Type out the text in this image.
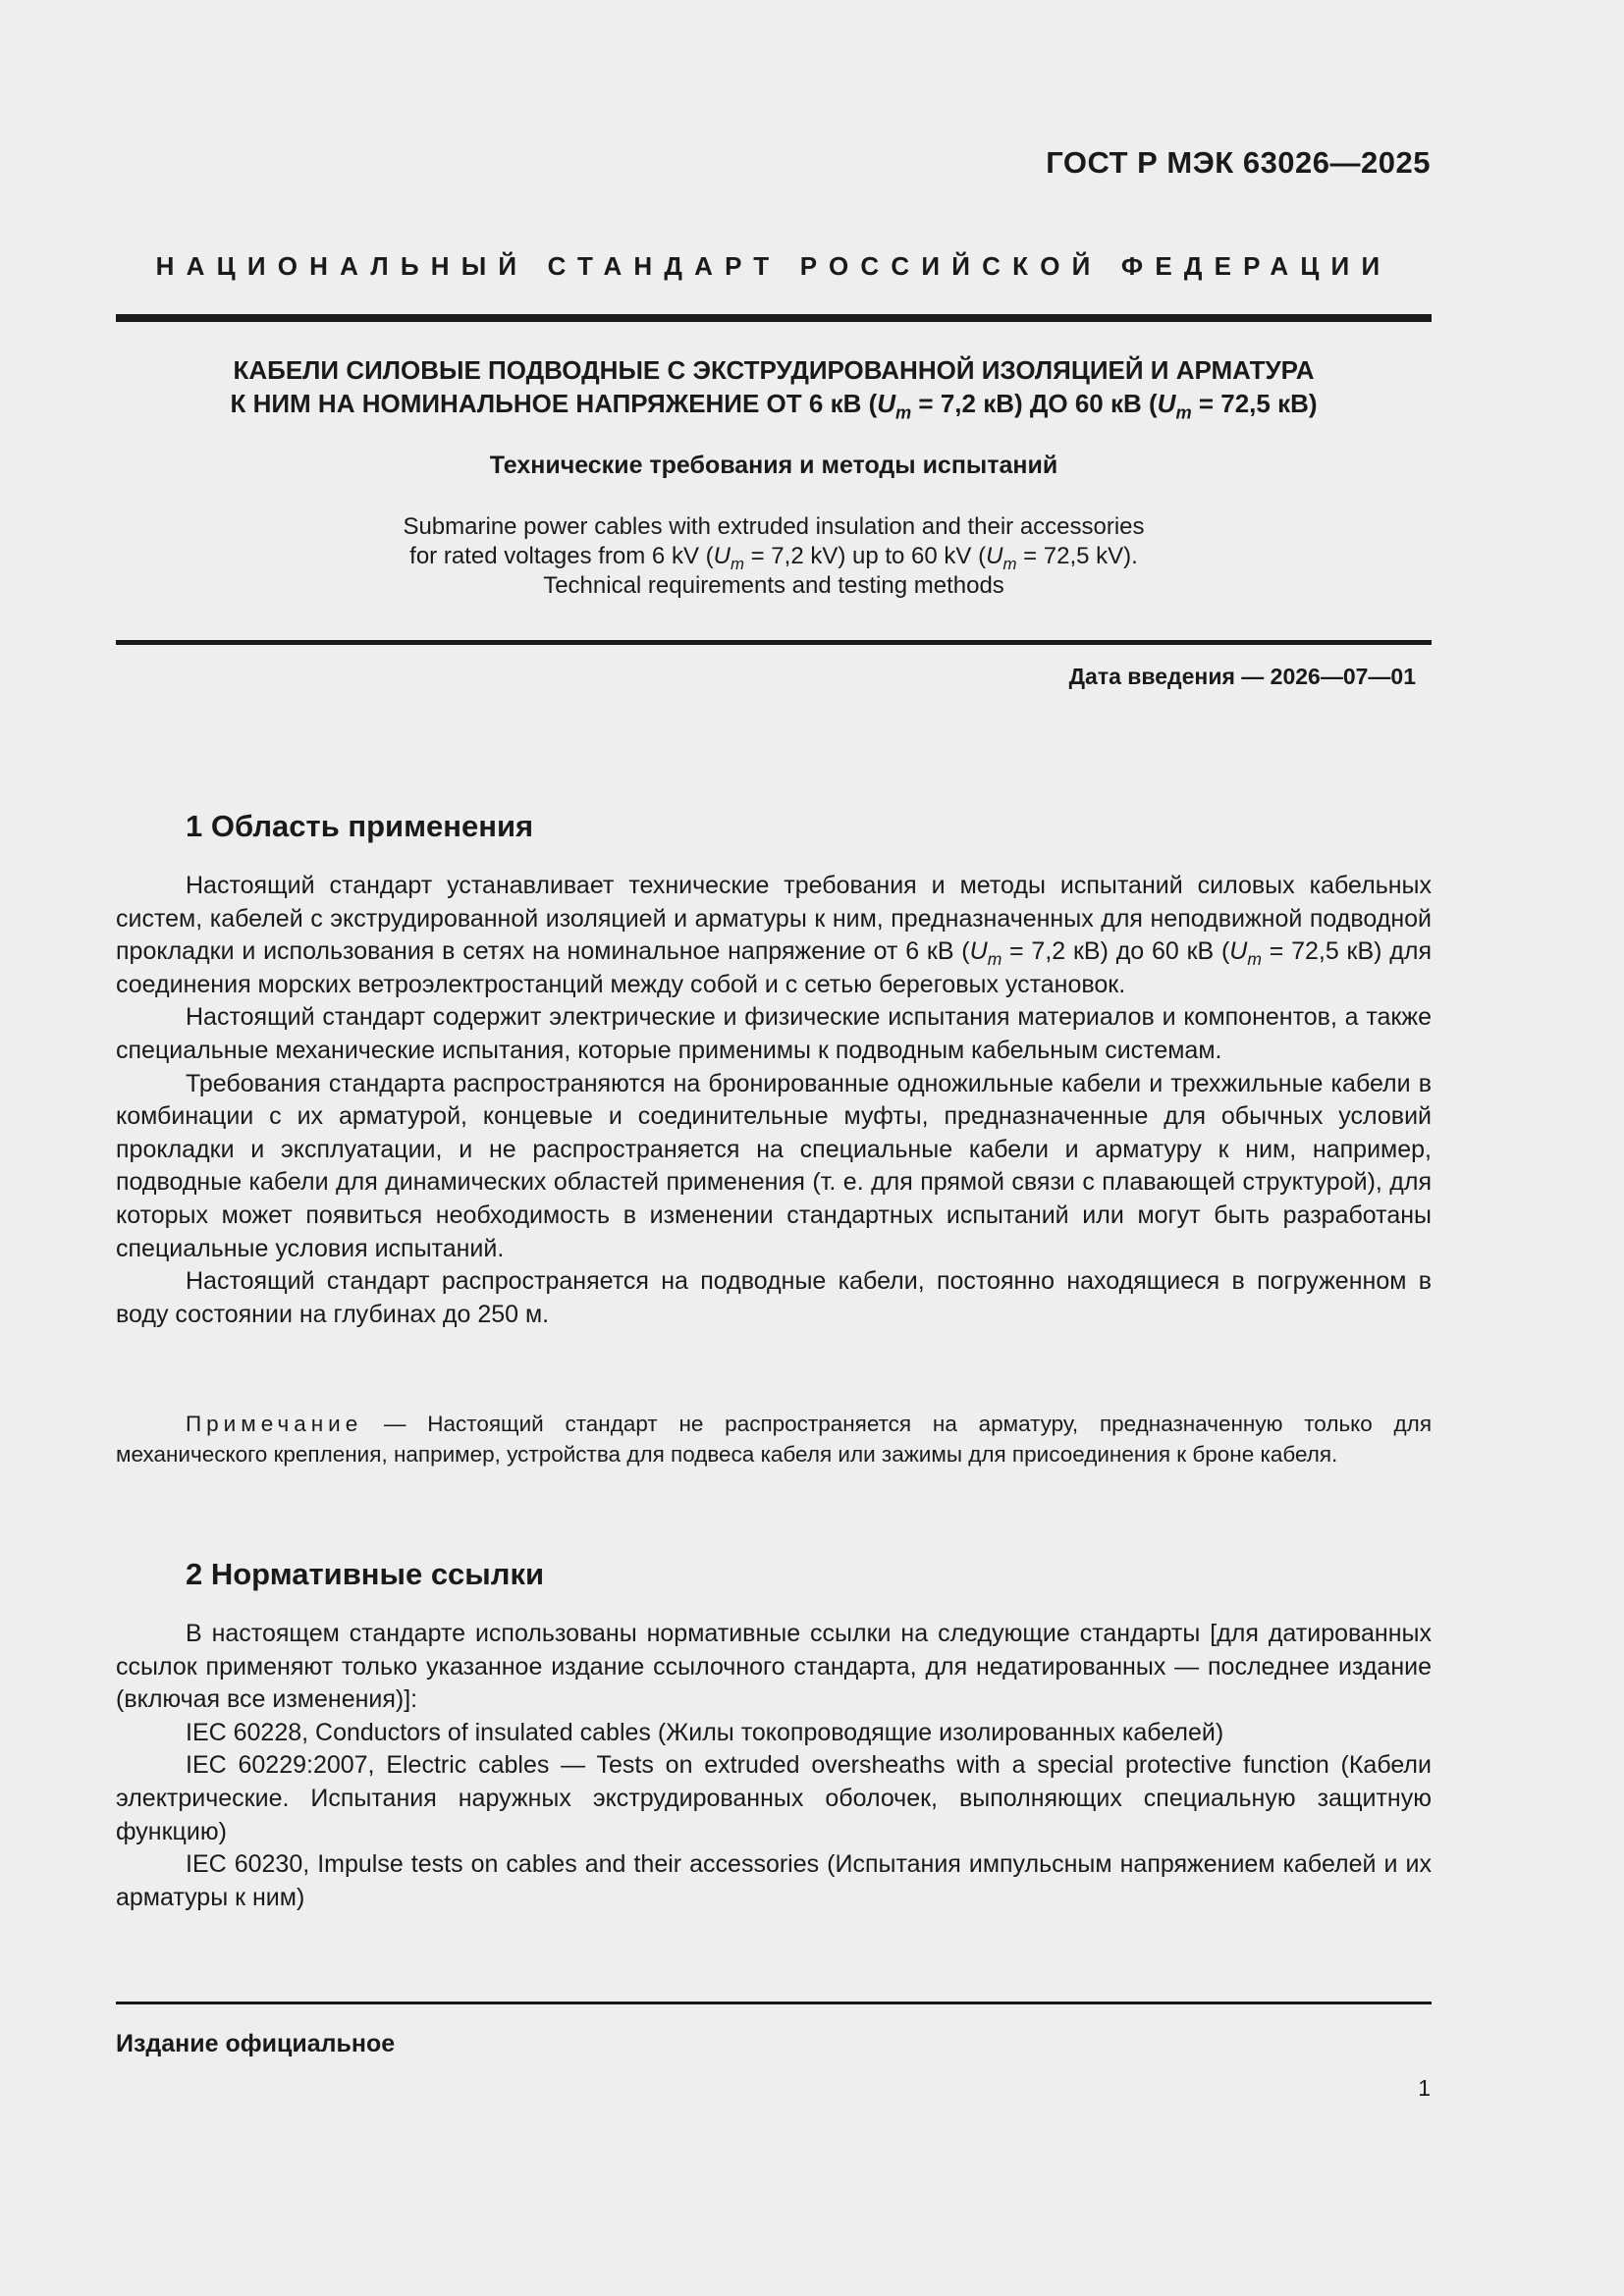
ГОСТ Р МЭК 63026—2025
НАЦИОНАЛЬНЫЙ СТАНДАРТ РОССИЙСКОЙ ФЕДЕРАЦИИ
КАБЕЛИ СИЛОВЫЕ ПОДВОДНЫЕ С ЭКСТРУДИРОВАННОЙ ИЗОЛЯЦИЕЙ И АРМАТУРА
К НИМ НА НОМИНАЛЬНОЕ НАПРЯЖЕНИЕ ОТ 6 кВ ($U_m = 7,2$ кВ) ДО 60 кВ ($U_m = 72,5$ кВ)
Технические требования и методы испытаний
Submarine power cables with extruded insulation and their accessories
for rated voltages from 6 kV ($U_m = 7,2$ kV) up to 60 kV ($U_m = 72,5$ kV).
Technical requirements and testing methods
Дата введения — 2026—07—01
1 Область применения

Настоящий стандарт устанавливает технические требования и методы испытаний силовых кабельных систем, кабелей с экструдированной изоляцией и арматуры к ним, предназначенных для неподвижной подводной прокладки и использования в сетях на номинальное напряжение от 6 кВ ($U_m = 7,2$ кВ) до 60 кВ ($U_m = 72,5$ кВ) для соединения морских ветроэлектростанций между собой и с сетью береговых установок.

Настоящий стандарт содержит электрические и физические испытания материалов и компонентов, а также специальные механические испытания, которые применимы к подводным кабельным системам.

Требования стандарта распространяются на бронированные одножильные кабели и трехжильные кабели в комбинации с их арматурой, концевые и соединительные муфты, предназначенные для обычных условий прокладки и эксплуатации, и не распространяется на специальные кабели и арматуру к ним, например, подводные кабели для динамических областей применения (т. е. для прямой связи с плавающей структурой), для которых может появиться необходимость в изменении стандартных испытаний или могут быть разработаны специальные условия испытаний.

Настоящий стандарт распространяется на подводные кабели, постоянно находящиеся в погруженном в воду состоянии на глубинах до 250 м.

Примечание — Настоящий стандарт не распространяется на арматуру, предназначенную только для механического крепления, например, устройства для подвеса кабеля или зажимы для присоединения к броне кабеля.

2 Нормативные ссылки

В настоящем стандарте использованы нормативные ссылки на следующие стандарты [для датированных ссылок применяют только указанное издание ссылочного стандарта, для недатированных — последнее издание (включая все изменения)]:

IEC 60228, Conductors of insulated cables (Жилы токопроводящие изолированных кабелей)

IEC 60229:2007, Electric cables — Tests on extruded oversheaths with a special protective function (Кабели электрические. Испытания наружных экструдированных оболочек, выполняющих специальную защитную функцию)

IEC 60230, Impulse tests on cables and their accessories (Испытания импульсным напряжением кабелей и их арматуры к ним)

Издание официальное
1
